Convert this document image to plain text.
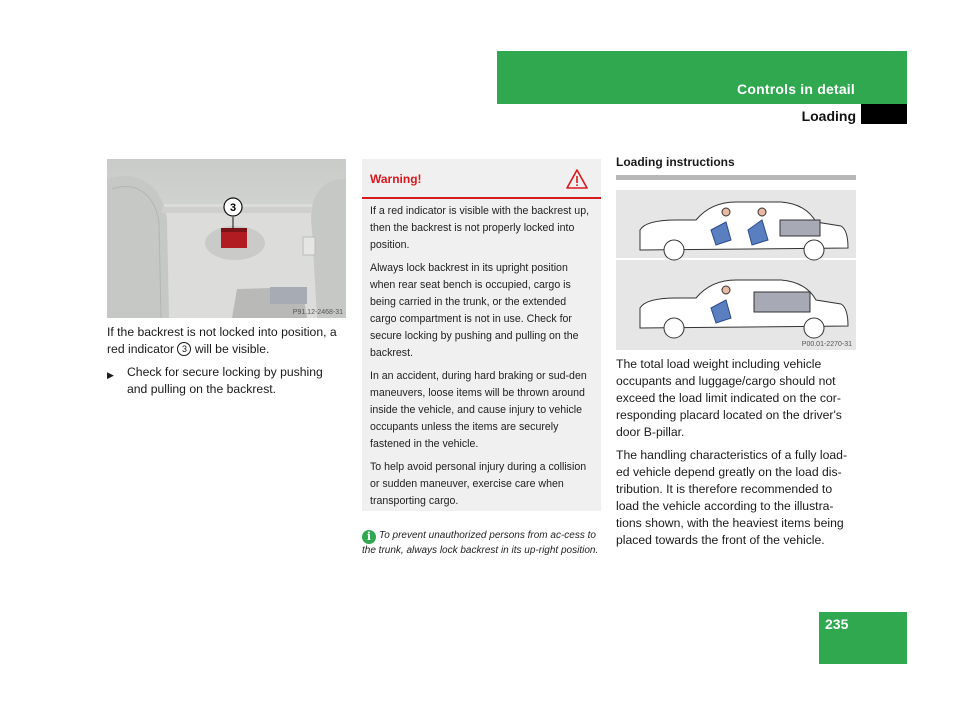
Controls in detail
Loading
3
P91.12-2468-31
If the backrest is not locked into position, a red indicator 3 will be visible.
▶	Check for secure locking by pushing and pulling on the backrest.
Warning!

If a red indicator is visible with the backrest up, then the backrest is not properly locked into position.

Always lock backrest in its upright position when rear seat bench is occupied, cargo is being carried in the trunk, or the extended cargo compartment is not in use. Check for secure locking by pushing and pulling on the backrest.

In an accident, during hard braking or sud-den maneuvers, loose items will be thrown around inside the vehicle, and cause injury to vehicle occupants unless the items are securely fastened in the vehicle.

To help avoid personal injury during a collision or sudden maneuver, exercise care when transporting cargo.

i To prevent unauthorized persons from ac-cess to the trunk, always lock backrest in its up-right position.
Loading instructions
P00.01-2270-31

The total load weight including vehicle occupants and luggage/cargo should not exceed the load limit indicated on the cor-responding placard located on the driver's door B-pillar.

The handling characteristics of a fully load-ed vehicle depend greatly on the load dis-tribution. It is therefore recommended to load the vehicle according to the illustra-tions shown, with the heaviest items being placed towards the front of the vehicle.

235
